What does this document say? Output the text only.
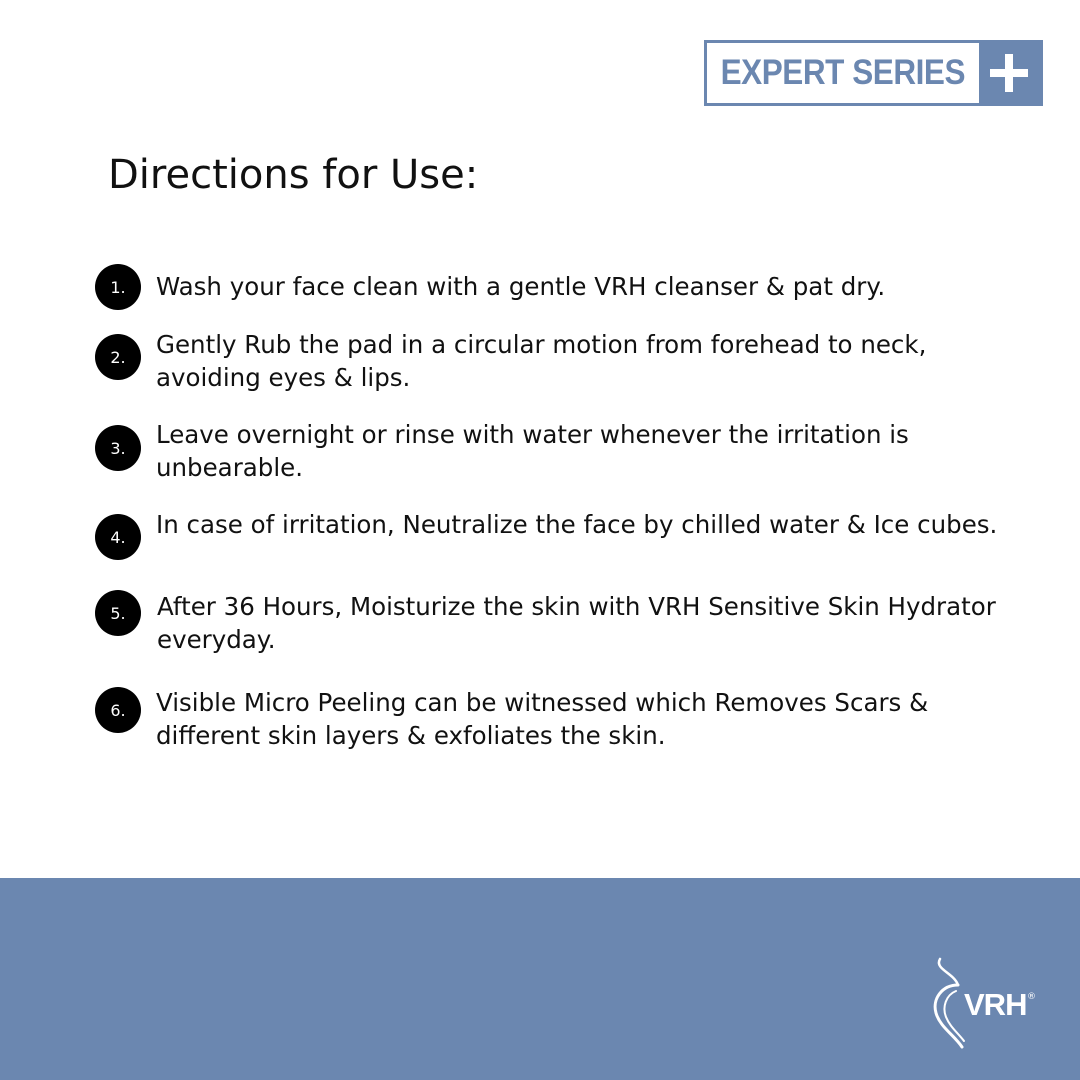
EXPERT SERIES
Directions for Use:
1.	Wash your face clean with a gentle VRH cleanser & pat dry.
2.	Gently Rub the pad in a circular motion from forehead to neck, avoiding eyes & lips.
3.	Leave overnight or rinse with water whenever the irritation is unbearable.
4.	In case of irritation, Neutralize the face by chilled water & Ice cubes.
5.	After 36 Hours, Moisturize the skin with VRH Sensitive Skin Hydrator everyday.
6.	Visible Micro Peeling can be witnessed which Removes Scars & different skin layers & exfoliates the skin.
VRH ®
